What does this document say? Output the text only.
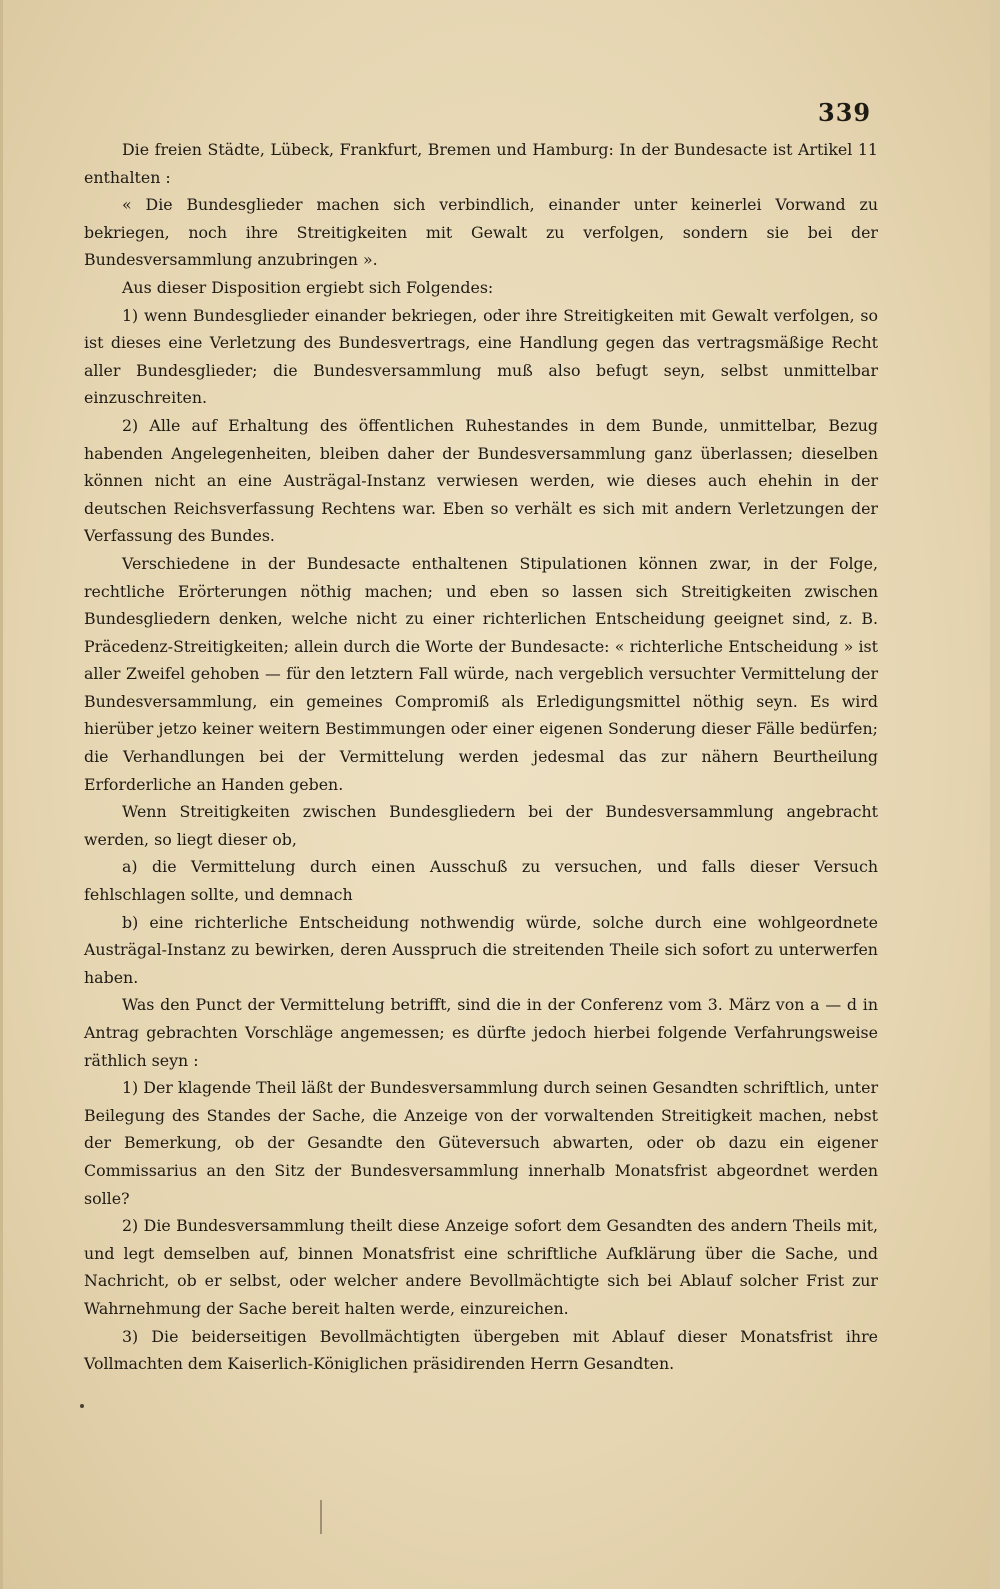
339

Die freien Städte, Lübeck, Frankfurt, Bremen und Hamburg: In der Bundesacte ist Artikel 11 enthalten :

« Die Bundesglieder machen sich verbindlich, einander unter keinerlei Vorwand zu bekriegen, noch ihre Streitigkeiten mit Gewalt zu verfolgen, sondern sie bei der Bundesversammlung anzubringen ».

Aus dieser Disposition ergiebt sich Folgendes:

1) wenn Bundesglieder einander bekriegen, oder ihre Streitigkeiten mit Gewalt verfolgen, so ist dieses eine Verletzung des Bundesvertrags, eine Handlung gegen das vertragsmäßige Recht aller Bundesglieder; die Bundesversammlung muß also befugt seyn, selbst unmittelbar einzuschreiten.

2) Alle auf Erhaltung des öffentlichen Ruhestandes in dem Bunde, unmittelbar, Bezug habenden Angelegenheiten, bleiben daher der Bundesversammlung ganz überlassen; dieselben können nicht an eine Austrägal-Instanz verwiesen werden, wie dieses auch ehehin in der deutschen Reichsverfassung Rechtens war. Eben so verhält es sich mit andern Verletzungen der Verfassung des Bundes.

Verschiedene in der Bundesacte enthaltenen Stipulationen können zwar, in der Folge, rechtliche Erörterungen nöthig machen; und eben so lassen sich Streitigkeiten zwischen Bundesgliedern denken, welche nicht zu einer richterlichen Entscheidung geeignet sind, z. B. Präcedenz-Streitigkeiten; allein durch die Worte der Bundesacte: « richterliche Entscheidung » ist aller Zweifel gehoben — für den letztern Fall würde, nach vergeblich versuchter Vermittelung der Bundesversammlung, ein gemeines Compromiß als Erledigungsmittel nöthig seyn. Es wird hierüber jetzo keiner weitern Bestimmungen oder einer eigenen Sonderung dieser Fälle bedürfen; die Verhandlungen bei der Vermittelung werden jedesmal das zur nähern Beurtheilung Erforderliche an Handen geben.

Wenn Streitigkeiten zwischen Bundesgliedern bei der Bundesversammlung angebracht werden, so liegt dieser ob,

a) die Vermittelung durch einen Ausschuß zu versuchen, und falls dieser Versuch fehlschlagen sollte, und demnach

b) eine richterliche Entscheidung nothwendig würde, solche durch eine wohlgeordnete Austrägal-Instanz zu bewirken, deren Ausspruch die streitenden Theile sich sofort zu unterwerfen haben.

Was den Punct der Vermittelung betrifft, sind die in der Conferenz vom 3. März von a — d in Antrag gebrachten Vorschläge angemessen; es dürfte jedoch hierbei folgende Verfahrungsweise räthlich seyn :

1) Der klagende Theil läßt der Bundesversammlung durch seinen Gesandten schriftlich, unter Beilegung des Standes der Sache, die Anzeige von der vorwaltenden Streitigkeit machen, nebst der Bemerkung, ob der Gesandte den Güteversuch abwarten, oder ob dazu ein eigener Commissarius an den Sitz der Bundesversammlung innerhalb Monatsfrist abgeordnet werden solle?

2) Die Bundesversammlung theilt diese Anzeige sofort dem Gesandten des andern Theils mit, und legt demselben auf, binnen Monatsfrist eine schriftliche Aufklärung über die Sache, und Nachricht, ob er selbst, oder welcher andere Bevollmächtigte sich bei Ablauf solcher Frist zur Wahrnehmung der Sache bereit halten werde, einzureichen.

3) Die beiderseitigen Bevollmächtigten übergeben mit Ablauf dieser Monatsfrist ihre Vollmachten dem Kaiserlich-Königlichen präsidirenden Herrn Gesandten.
